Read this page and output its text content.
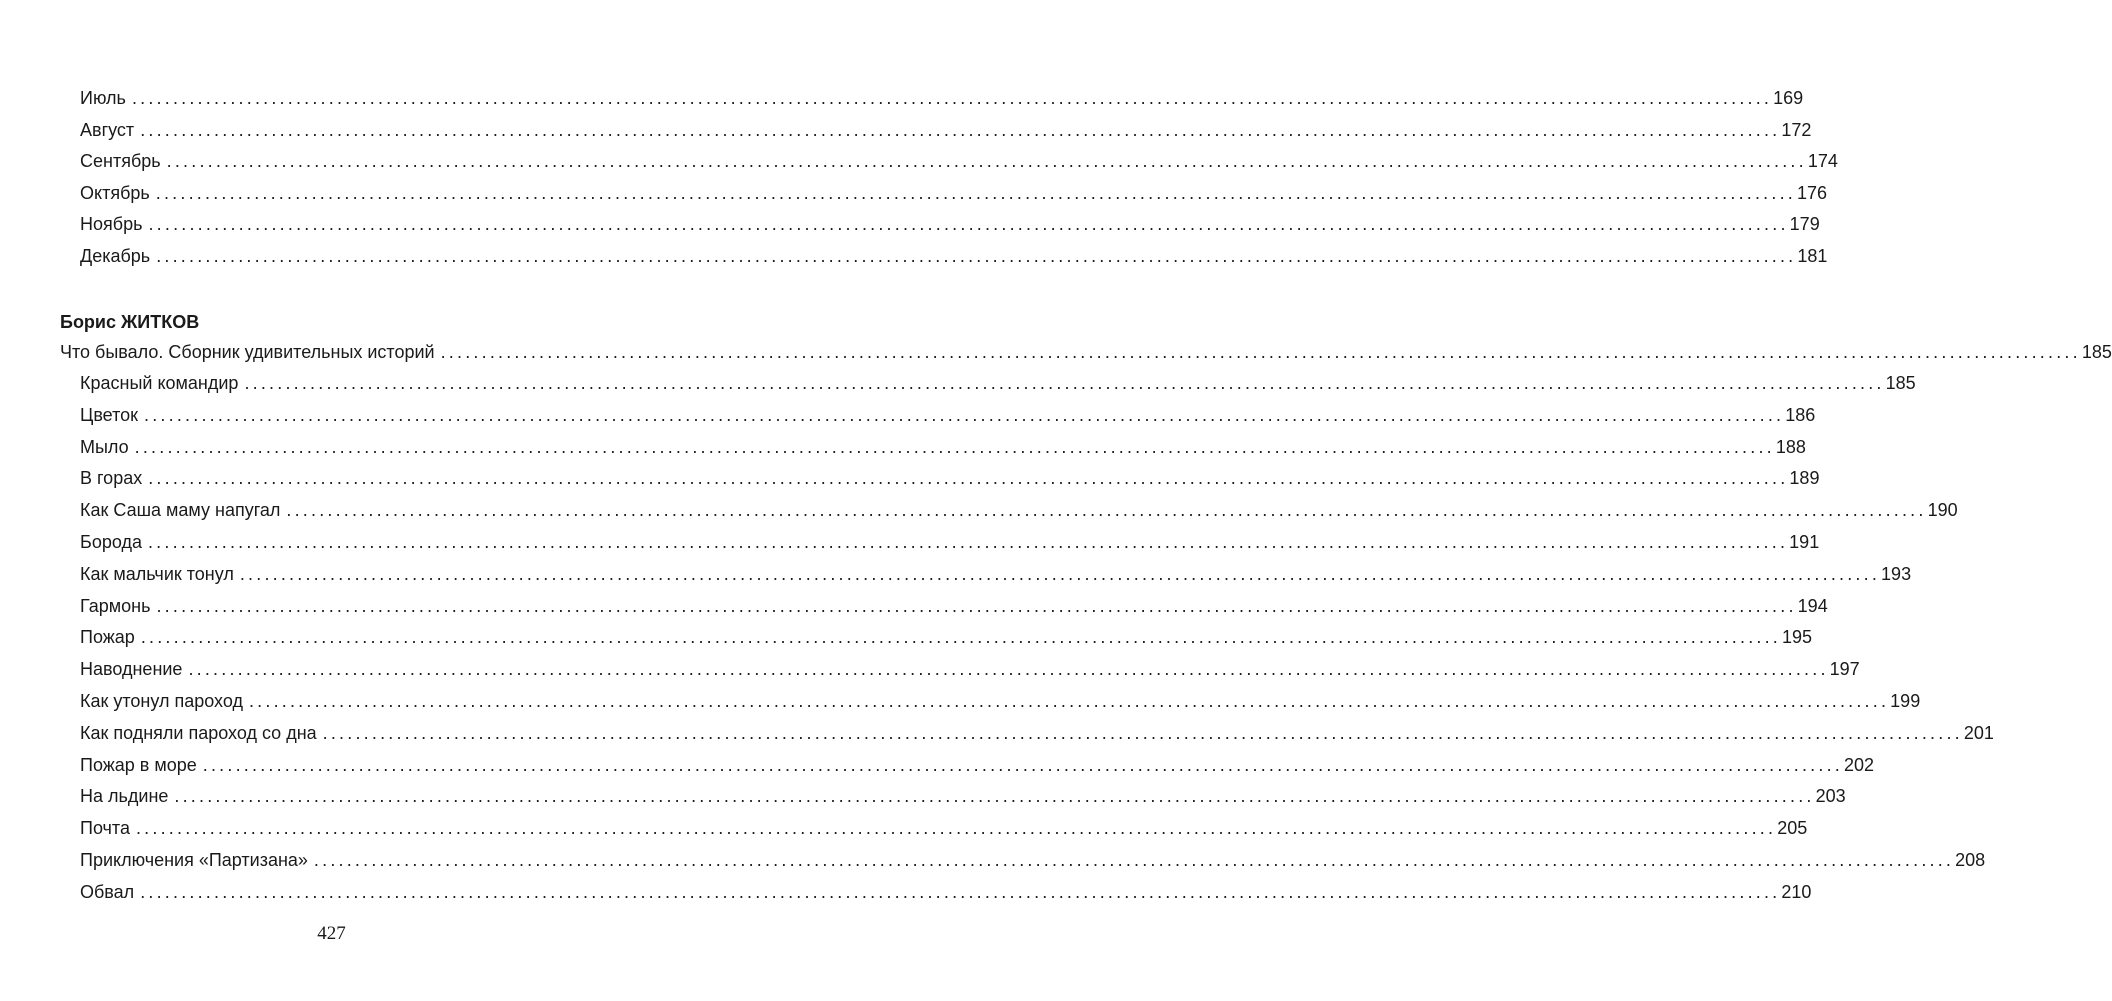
Июль ........................................................................................................................................................................................................ 169
Август ........................................................................................................................................................................................................ 172
Сентябрь ........................................................................................................................................................................................................ 174
Октябрь ........................................................................................................................................................................................................ 176
Ноябрь ........................................................................................................................................................................................................ 179
Декабрь ........................................................................................................................................................................................................ 181
Борис ЖИТКОВ
Что бывало. Сборник удивительных историй ........................................................................................................................................................................................................ 185
Красный командир ........................................................................................................................................................................................................ 185
Цветок ........................................................................................................................................................................................................ 186
Мыло ........................................................................................................................................................................................................ 188
В горах ........................................................................................................................................................................................................ 189
Как Саша маму напугал ........................................................................................................................................................................................................ 190
Борода ........................................................................................................................................................................................................ 191
Как мальчик тонул ........................................................................................................................................................................................................ 193
Гармонь ........................................................................................................................................................................................................ 194
Пожар ........................................................................................................................................................................................................ 195
Наводнение ........................................................................................................................................................................................................ 197
Как утонул пароход ........................................................................................................................................................................................................ 199
Как подняли пароход со дна ........................................................................................................................................................................................................ 201
Пожар в море ........................................................................................................................................................................................................ 202
На льдине ........................................................................................................................................................................................................ 203
Почта ........................................................................................................................................................................................................ 205
Приключения «Партизана» ........................................................................................................................................................................................................ 208
Обвал ........................................................................................................................................................................................................ 210
427
